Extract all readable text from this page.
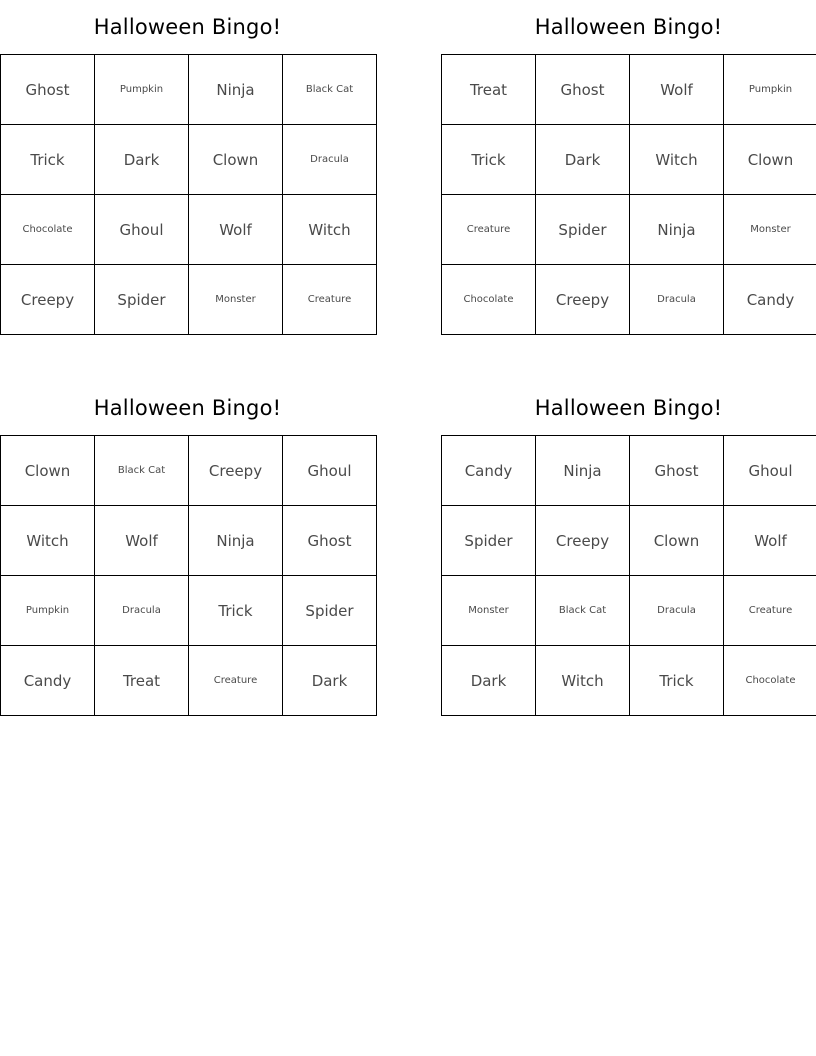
Halloween Bingo!
Ghost	Pumpkin	Ninja	Black Cat
Trick	Dark	Clown	Dracula
Chocolate	Ghoul	Wolf	Witch
Creepy	Spider	Monster	Creature
Halloween Bingo!
Treat	Ghost	Wolf	Pumpkin
Trick	Dark	Witch	Clown
Creature	Spider	Ninja	Monster
Chocolate	Creepy	Dracula	Candy
Halloween Bingo!
Clown	Black Cat	Creepy	Ghoul
Witch	Wolf	Ninja	Ghost
Pumpkin	Dracula	Trick	Spider
Candy	Treat	Creature	Dark
Halloween Bingo!
Candy	Ninja	Ghost	Ghoul
Spider	Creepy	Clown	Wolf
Monster	Black Cat	Dracula	Creature
Dark	Witch	Trick	Chocolate
